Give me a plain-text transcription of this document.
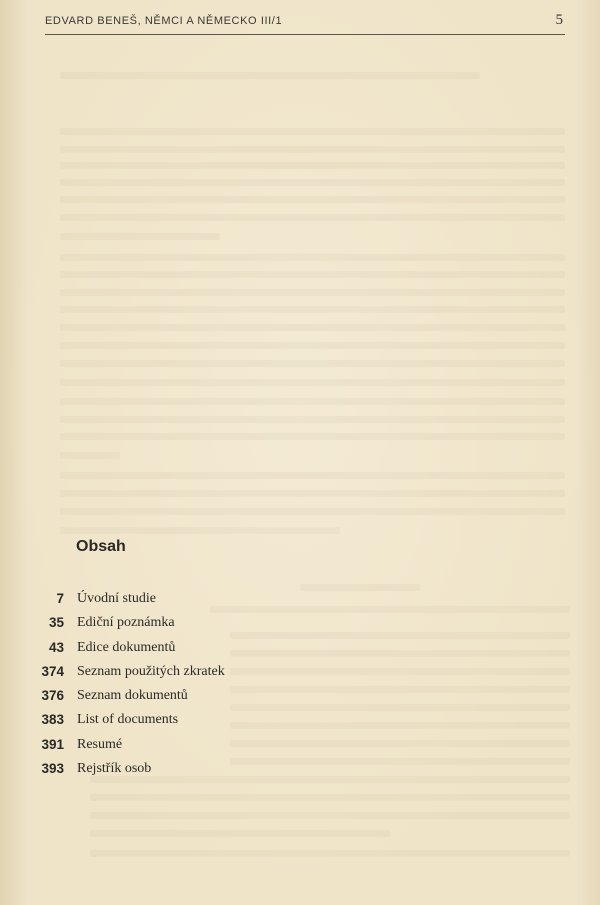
EDVARD BENEŠ, NĚMCI A NĚMECKO III/1	5
Obsah
7 Úvodní studie
35 Ediční poznámka
43 Edice dokumentů
374 Seznam použitých zkratek
376 Seznam dokumentů
383 List of documents
391 Resumé
393 Rejstřík osob
